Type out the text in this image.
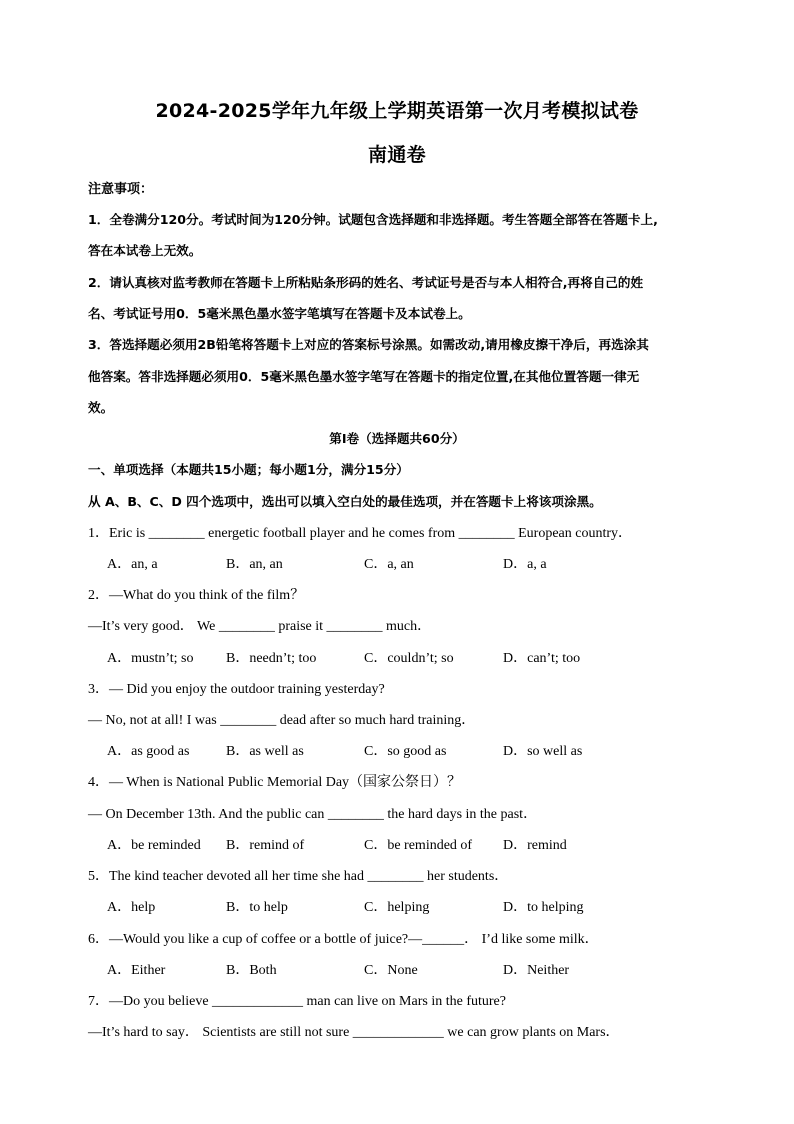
2024-2025学年九年级上学期英语第一次月考模拟试卷
南通卷
注意事项：
1．全卷满分120分。考试时间为120分钟。试题包含选择题和非选择题。考生答题全部答在答题卡上,
答在本试卷上无效。
2．请认真核对监考教师在答题卡上所粘贴条形码的姓名、考试证号是否与本人相符合,再将自己的姓
名、考试证号用0．5毫米黑色墨水签字笔填写在答题卡及本试卷上。
3．答选择题必须用2B铅笔将答题卡上对应的答案标号涂黑。如需改动,请用橡皮擦干净后，再选涂其
他答案。答非选择题必须用0．5毫米黑色墨水签字笔写在答题卡的指定位置,在其他位置答题一律无
效。
第I卷（选择题共60分）
一、单项选择（本题共15小题；每小题1分，满分15分）
从 A、B、C、D 四个选项中，选出可以填入空白处的最佳选项，并在答题卡上将该项涂黑。
1．Eric is ________ energetic football player and he comes from ________ European country．
A．an, a	B．an, an	C．a, an	D．a, a
2．—What do you think of the film？
—It’s very good． We ________ praise it ________ much．
A．mustn’t; so B．needn’t; too	C．couldn’t; so	D．can’t; too
3．— Did you enjoy the outdoor training yesterday?
— No, not at all! I was ________ dead after so much hard training．
A．as good as	B．as well as	C．so good as	D．so well as
4．— When is National Public Memorial Day（国家公祭日）？
— On December 13th. And the public can ________ the hard days in the past．
A．be reminded B．remind of	C．be reminded of D．remind
5．The kind teacher devoted all her time she had ________ her students．
A．help	B．to help	C．helping	D．to helping
6．—Would you like a cup of coffee or a bottle of juice?—______． I’d like some milk．
A．Either	B．Both	C．None	D．Neither
7．—Do you believe _____________ man can live on Mars in the future?
—It’s hard to say． Scientists are still not sure _____________ we can grow plants on Mars．
